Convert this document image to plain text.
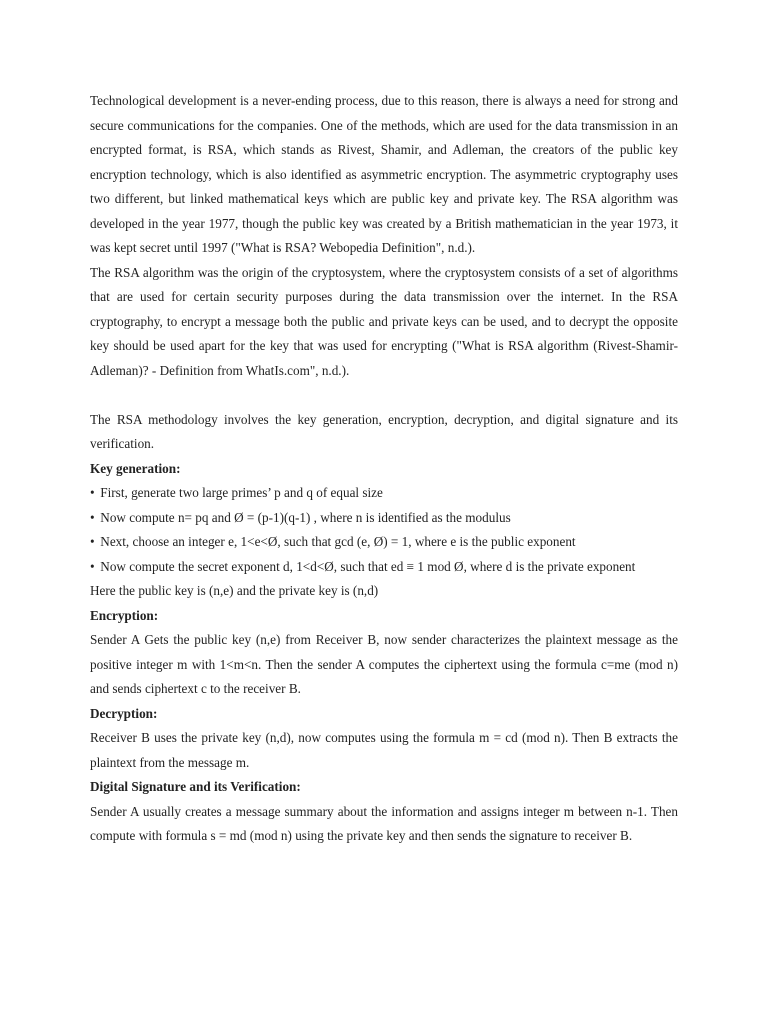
Technological development is a never-ending process, due to this reason, there is always a need for strong and secure communications for the companies. One of the methods, which are used for the data transmission in an encrypted format, is RSA, which stands as Rivest, Shamir, and Adleman, the creators of the public key encryption technology, which is also identified as asymmetric encryption. The asymmetric cryptography uses two different, but linked mathematical keys which are public key and private key. The RSA algorithm was developed in the year 1977, though the public key was created by a British mathematician in the year 1973, it was kept secret until 1997 ("What is RSA? Webopedia Definition", n.d.).

The RSA algorithm was the origin of the cryptosystem, where the cryptosystem consists of a set of algorithms that are used for certain security purposes during the data transmission over the internet. In the RSA cryptography, to encrypt a message both the public and private keys can be used, and to decrypt the opposite key should be used apart for the key that was used for encrypting ("What is RSA algorithm (Rivest-Shamir-Adleman)? - Definition from WhatIs.com", n.d.).

The RSA methodology involves the key generation, encryption, decryption, and digital signature and its verification.

Key generation:

• First, generate two large primes’ p and q of equal size
• Now compute n= pq and Ø = (p-1)(q-1) , where n is identified as the modulus
• Next, choose an integer e, 1<e<Ø, such that gcd (e, Ø) = 1, where e is the public exponent
• Now compute the secret exponent d, 1<d<Ø, such that ed ≡ 1 mod Ø, where d is the private exponent

Here the public key is (n,e) and the private key is (n,d)

Encryption:

Sender A Gets the public key (n,e) from Receiver B, now sender characterizes the plaintext message as the positive integer m with 1<m<n. Then the sender A computes the ciphertext using the formula c=me (mod n) and sends ciphertext c to the receiver B.

Decryption:

Receiver B uses the private key (n,d), now computes using the formula m = cd (mod n). Then B extracts the plaintext from the message m.

Digital Signature and its Verification:

Sender A usually creates a message summary about the information and assigns integer m between n-1. Then compute with formula s = md (mod n) using the private key and then sends the signature to receiver B.
